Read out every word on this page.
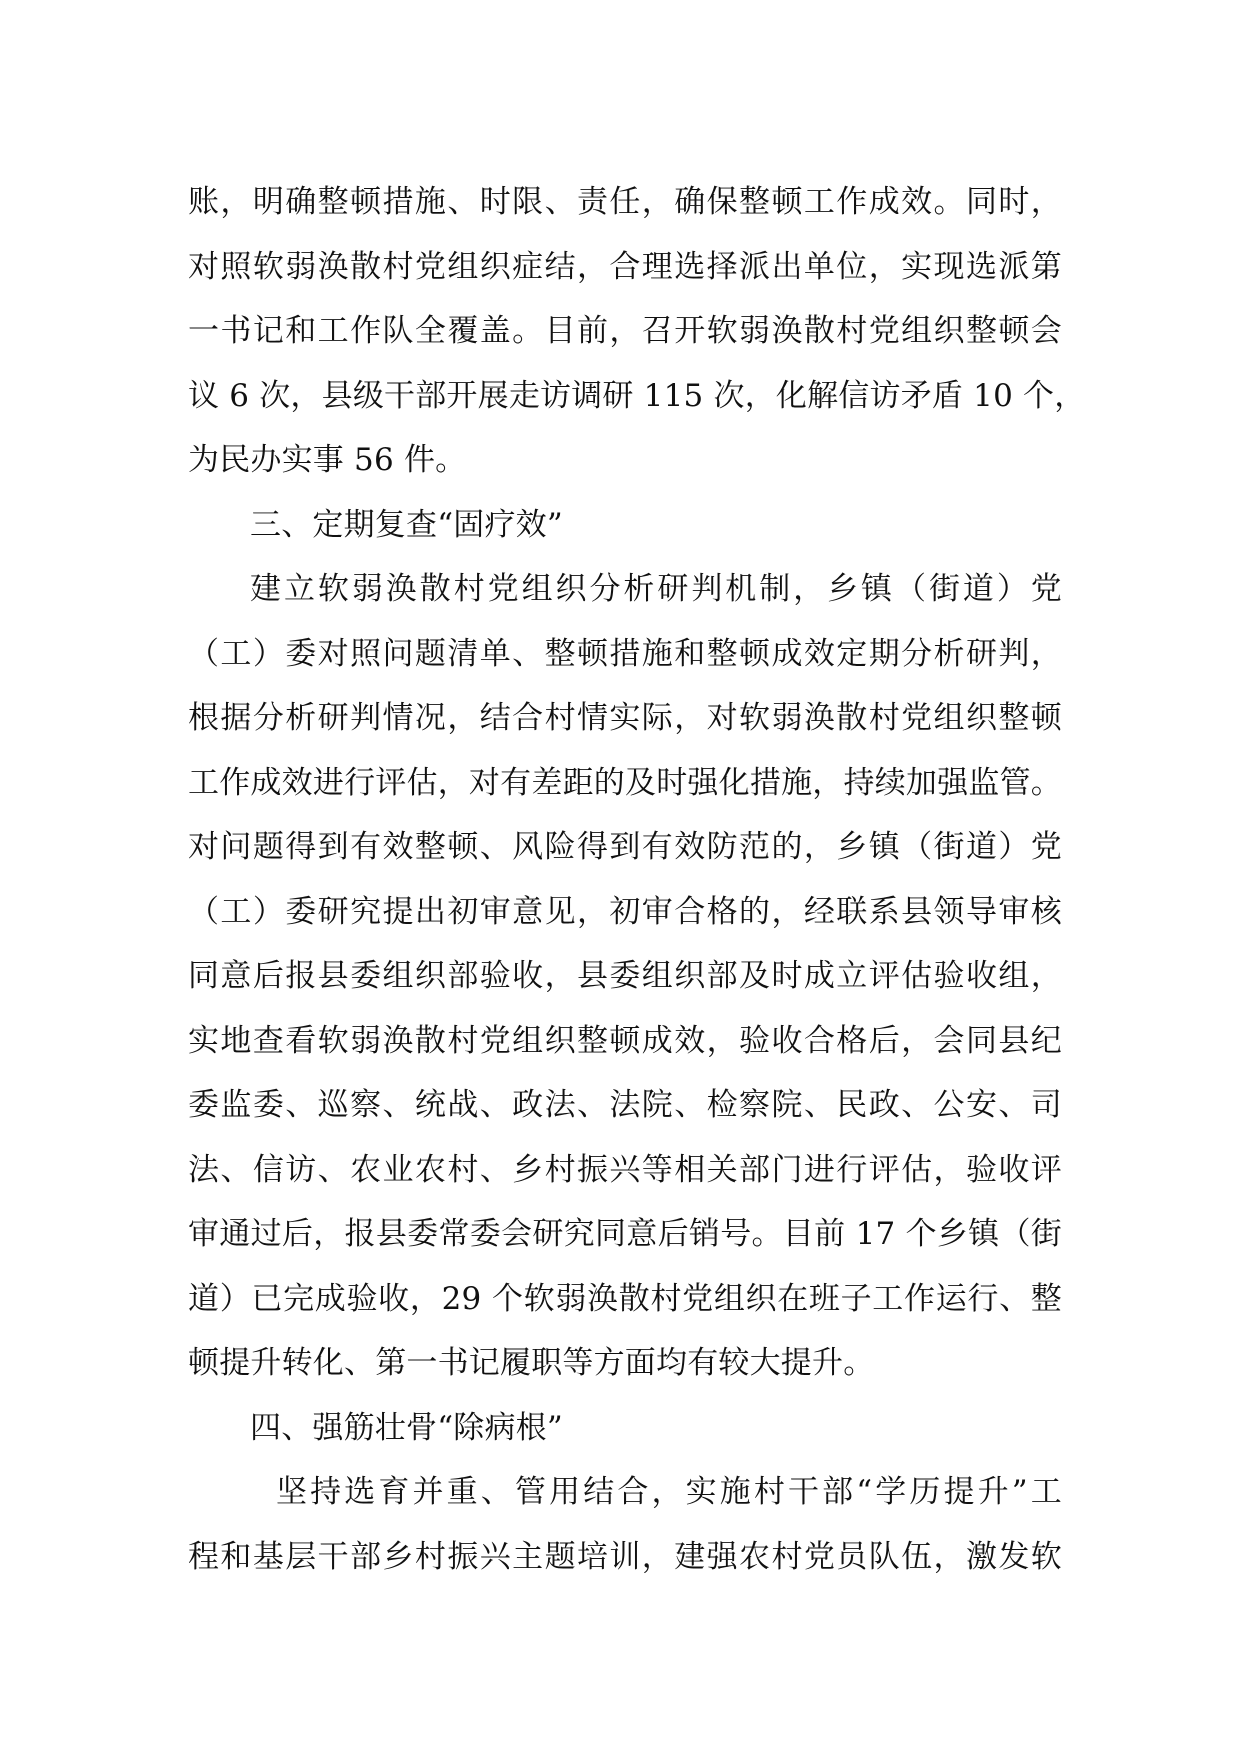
账，明确整顿措施、时限、责任，确保整顿工作成效。同时，
对照软弱涣散村党组织症结，合理选择派出单位，实现选派第
一书记和工作队全覆盖。目前，召开软弱涣散村党组织整顿会
议 6 次，县级干部开展走访调研 115 次，化解信访矛盾 10 个，
为民办实事 56 件。
三、定期复查“固疗效”
建立软弱涣散村党组织分析研判机制，乡镇（街道）党
（工）委对照问题清单、整顿措施和整顿成效定期分析研判，
根据分析研判情况，结合村情实际，对软弱涣散村党组织整顿
工作成效进行评估，对有差距的及时强化措施，持续加强监管。
对问题得到有效整顿、风险得到有效防范的，乡镇（街道）党
（工）委研究提出初审意见，初审合格的，经联系县领导审核
同意后报县委组织部验收，县委组织部及时成立评估验收组，
实地查看软弱涣散村党组织整顿成效，验收合格后，会同县纪
委监委、巡察、统战、政法、法院、检察院、民政、公安、司
法、信访、农业农村、乡村振兴等相关部门进行评估，验收评
审通过后，报县委常委会研究同意后销号。目前 17 个乡镇（街
道）已完成验收，29 个软弱涣散村党组织在班子工作运行、整
顿提升转化、第一书记履职等方面均有较大提升。
四、强筋壮骨“除病根”
坚持选育并重、管用结合，实施村干部“学历提升”工
程和基层干部乡村振兴主题培训，建强农村党员队伍，激发软
